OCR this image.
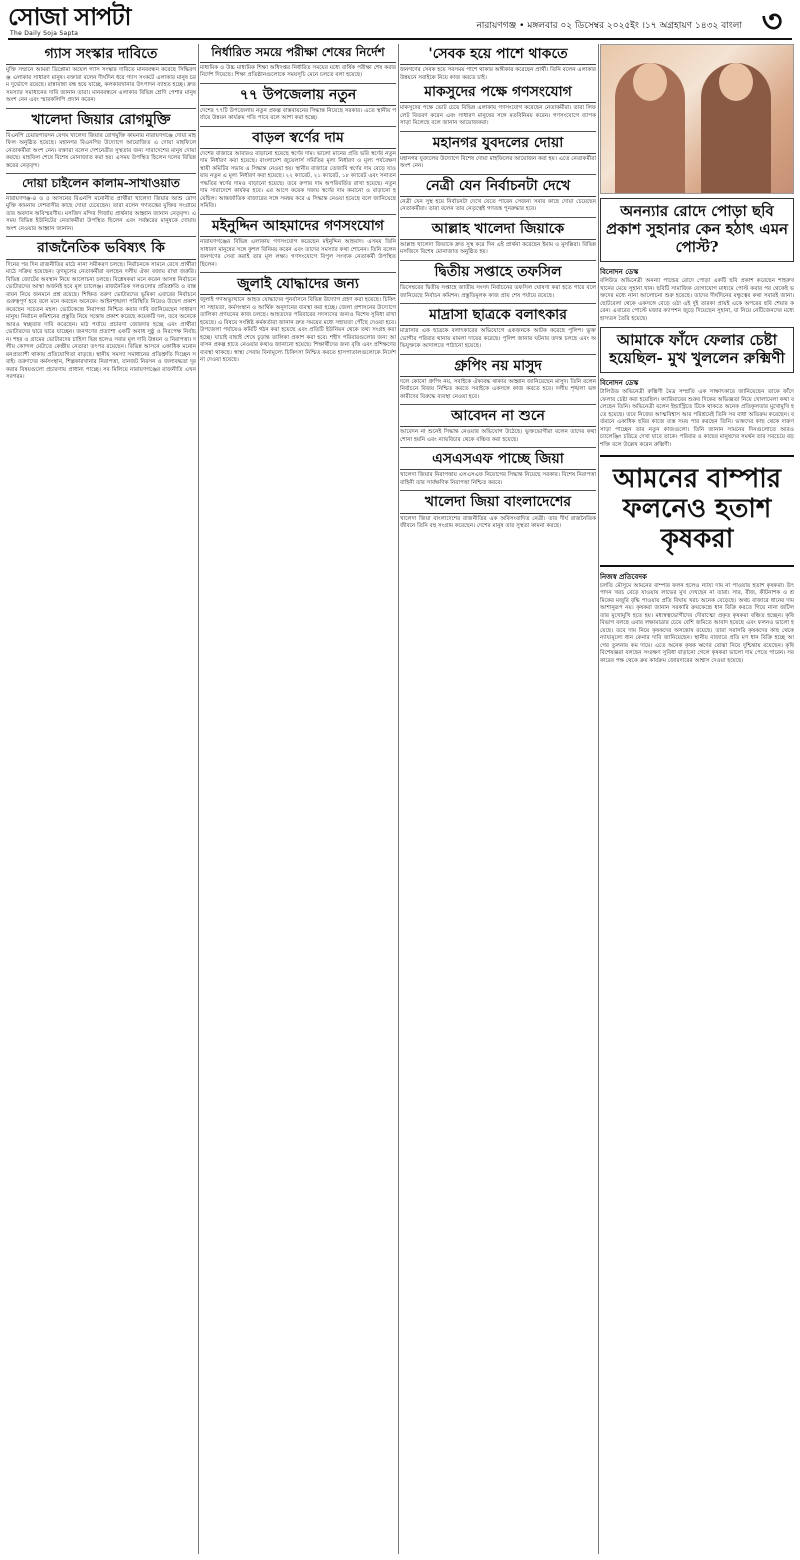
সোজা সাপটা
The Daily Soja Sapta
নারায়ণগঞ্জ • মঙ্গলবার ০২ ডিসেম্বর ২০২৫ইং ।১৭ অগ্রহায়ণ ১৪৩২ বাংলা ৩
গ্যাস সংস্কার দাবিতে

মুক্তি সম্মানে আমরা ডিপ্লোমা অয়েল গ্যাস সংস্কার দাবিতে মানববন্ধন করেছে সিদ্ধিরগঞ্জ এলাকার সাধারণ মানুষ। বক্তারা বলেন দীর্ঘদিন ধরে গ্যাস সংকটে এলাকার মানুষ চরম দুর্ভোগে রয়েছে। রান্নাবান্না বন্ধ হয়ে যাচ্ছে, কলকারখানার উৎপাদন ব্যাহত হচ্ছে। দ্রুত সমস্যার সমাধানের দাবি জানান তারা। মানববন্ধনে এলাকার বিভিন্ন শ্রেণি পেশার মানুষ অংশ নেন এবং স্মারকলিপি প্রদান করেন।

খালেদা জিয়ার রোগমুক্তি

বিএনপি চেয়ারপারসন বেগম খালেদা জিয়ার রোগমুক্তি কামনায় নারায়ণগঞ্জে দোয়া মাহফিল অনুষ্ঠিত হয়েছে। মহানগর বিএনপির উদ্যোগে আয়োজিত এ দোয়া মাহফিলে নেতাকর্মীরা অংশ নেন। বক্তারা বলেন দেশনেত্রীর সুস্থতার জন্য সারাদেশের মানুষ দোয়া করছে। মাহফিল শেষে বিশেষ মোনাজাত করা হয়। এসময় উপস্থিত ছিলেন দলের বিভিন্ন স্তরের নেতৃবৃন্দ।

দোয়া চাইলেন কালাম-সাখাওয়াত

নারায়ণগঞ্জ-৪ ও ৫ আসনের বিএনপি মনোনীত প্রার্থীরা খালেদা জিয়ার আশু রোগমুক্তি কামনায় দেশবাসীর কাছে দোয়া চেয়েছেন। তারা বলেন গণতন্ত্রের মুক্তির সংগ্রামে তার অবদান অবিস্মরণীয়। মসজিদ মন্দির গির্জায় প্রার্থনার আহ্বান জানান নেতৃবৃন্দ। এসময় বিভিন্ন ইউনিটের নেতাকর্মীরা উপস্থিত ছিলেন এবং সর্বস্তরের মানুষকে দোয়ায় অংশ নেওয়ার আহ্বান জানান।

রাজনৈতিক ভবিষ্যৎ কি

দিনের পর দিন রাজনীতির মাঠে নানা সমীকরণ চলছে। নির্বাচনকে সামনে রেখে প্রার্থীরা মাঠে সক্রিয় হয়েছেন। তৃণমূলের নেতাকর্মীরা বলছেন দলীয় ঐক্য বজায় রাখা জরুরি। বিভিন্ন জোটের অবস্থান নিয়ে আলোচনা চলছে। বিশ্লেষকরা মনে করেন আসন্ন নির্বাচনে ভোটারদের আস্থা অর্জনই হবে মূল চ্যালেঞ্জ। রাজনৈতিক দলগুলোর প্রতিশ্রুতি ও বাস্তবায়ন নিয়ে জনমনে প্রশ্ন রয়েছে। শিক্ষিত তরুণ ভোটারদের ভূমিকা এবারের নির্বাচনে গুরুত্বপূর্ণ হবে বলে মনে করছেন অনেকে। আইনশৃঙ্খলা পরিস্থিতি নিয়েও উদ্বেগ প্রকাশ করেছেন সচেতন মহল। ভোটকেন্দ্রে নিরাপত্তা নিশ্চিত করার দাবি জানিয়েছেন সাধারণ মানুষ। নির্বাচন কমিশনের প্রস্তুতি নিয়ে সন্তোষ প্রকাশ করেছে কয়েকটি দল, তবে অনেকে আরও স্বচ্ছতার দাবি করেছেন। মাঠ পর্যায়ে প্রচারণা জোরদার হচ্ছে এবং প্রার্থীরা ভোটারদের দ্বারে দ্বারে যাচ্ছেন। জনগণের প্রত্যাশা একটি অবাধ সুষ্ঠু ও নিরপেক্ষ নির্বাচন। শহর ও গ্রামের ভোটারদের চাহিদা ভিন্ন হলেও সবার মূল দাবি উন্নয়ন ও নিরাপত্তা। দলীয় কোন্দল মেটাতে কেন্দ্রীয় নেতারা তৎপর রয়েছেন। বিভিন্ন আসনে একাধিক মনোনয়নপ্রত্যাশী থাকায় প্রতিযোগিতা বাড়ছে। স্থানীয় সমস্যা সমাধানের প্রতিশ্রুতি দিচ্ছেন সবাই। তরুণদের কর্মসংস্থান, শিল্পকারখানার নিরাপত্তা, যানজট নিরসন ও জলাবদ্ধতা দূর করার বিষয়গুলো প্রচারণায় প্রাধান্য পাচ্ছে। সব মিলিয়ে নারায়ণগঞ্জের রাজনীতি এখন সরগরম।

নির্ধারিত সময়ে পরীক্ষা শেষের নির্দেশ

মাধ্যমিক ও উচ্চ মাধ্যমিক শিক্ষা অধিদপ্তর নির্ধারিত সময়ের মধ্যে বার্ষিক পরীক্ষা শেষ করার নির্দেশ দিয়েছে। শিক্ষা প্রতিষ্ঠানগুলোকে সময়সূচি মেনে চলতে বলা হয়েছে।

৭৭ উপজেলায় নতুন

দেশের ৭৭টি উপজেলায় নতুন প্রকল্প বাস্তবায়নের সিদ্ধান্ত নিয়েছে সরকার। এতে স্থানীয় পর্যায়ে উন্নয়ন কার্যক্রম গতি পাবে বলে আশা করা হচ্ছে।

বাড়ল স্বর্ণের দাম

দেশের বাজারে আবারও বাড়ানো হয়েছে স্বর্ণের দাম। ভালো মানের প্রতি ভরি স্বর্ণের নতুন দাম নির্ধারণ করা হয়েছে। বাংলাদেশ জুয়েলার্স সমিতির মূল্য নির্ধারণ ও মূল্য পর্যবেক্ষণ স্থায়ী কমিটির সভায় এ সিদ্ধান্ত নেওয়া হয়। স্থানীয় বাজারে তেজাবি স্বর্ণের দাম বেড়ে যাওয়ায় নতুন এ মূল্য নির্ধারণ করা হয়েছে। ২২ ক্যারেট, ২১ ক্যারেট, ১৮ ক্যারেট এবং সনাতন পদ্ধতির স্বর্ণের দামও বাড়ানো হয়েছে। তবে রুপার দাম অপরিবর্তিত রাখা হয়েছে। নতুন দাম সারাদেশে কার্যকর হবে। এর আগে কয়েক দফায় স্বর্ণের দাম কমানো ও বাড়ানো হয়েছিল। আন্তর্জাতিক বাজারের সঙ্গে সমন্বয় করে এ সিদ্ধান্ত নেওয়া হয়েছে বলে জানিয়েছে সমিতি।

মইনুদ্দিন আহমাদের গণসংযোগ

নারায়ণগঞ্জের বিভিন্ন এলাকায় গণসংযোগ করেছেন মইনুদ্দিন আহমাদ। এসময় তিনি সাধারণ মানুষের সঙ্গে কুশল বিনিময় করেন এবং তাদের সমস্যার কথা শোনেন। তিনি বলেন জনগণের সেবা করাই তার মূল লক্ষ্য। গণসংযোগে বিপুল সংখ্যক নেতাকর্মী উপস্থিত ছিলেন।

জুলাই যোদ্ধাদের জন্য

জুলাই গণঅভ্যুত্থানে আহত যোদ্ধাদের পুনর্বাসনে বিভিন্ন উদ্যোগ গ্রহণ করা হয়েছে। চিকিৎসা সহায়তা, কর্মসংস্থান ও আর্থিক অনুদানের ব্যবস্থা করা হচ্ছে। জেলা প্রশাসনের উদ্যোগে তালিকা প্রণয়নের কাজ চলছে। আহতদের পরিবারের সদস্যদের জন্যও বিশেষ সুবিধা রাখা হয়েছে। এ বিষয়ে সংশ্লিষ্ট কর্মকর্তারা জানান দ্রুত সময়ের মধ্যে সহায়তা পৌঁছে দেওয়া হবে। উপজেলা পর্যায়েও কমিটি গঠন করা হয়েছে এবং প্রতিটি ইউনিয়ন থেকে তথ্য সংগ্রহ করা হচ্ছে। যাচাই বাছাই শেষে চূড়ান্ত তালিকা প্রকাশ করা হবে। শহীদ পরিবারগুলোর জন্য আবাসন প্রকল্প হাতে নেওয়ার কথাও জানানো হয়েছে। শিক্ষার্থীদের জন্য বৃত্তি এবং প্রশিক্ষণের ব্যবস্থা থাকছে। স্বাস্থ্য সেবায় বিনামূল্যে চিকিৎসা নিশ্চিত করতে হাসপাতালগুলোকে নির্দেশনা দেওয়া হয়েছে।

'সেবক হয়ে পাশে থাকতে

জনগণের সেবক হয়ে সবসময় পাশে থাকার অঙ্গীকার করেছেন প্রার্থী। তিনি বলেন এলাকার উন্নয়নে সবাইকে নিয়ে কাজ করতে চাই।

মাকসুদের পক্ষে গণসংযোগ

মাকসুদের পক্ষে ভোট চেয়ে বিভিন্ন এলাকায় গণসংযোগ করেছেন নেতাকর্মীরা। তারা লিফলেট বিতরণ করেন এবং সাধারণ মানুষের সঙ্গে মতবিনিময় করেন। গণসংযোগে ব্যাপক সাড়া মিলেছে বলে জানান আয়োজকরা।

মহানগর যুবদলের দোয়া

মহানগর যুবদলের উদ্যোগে বিশেষ দোয়া মাহফিলের আয়োজন করা হয়। এতে নেতাকর্মীরা অংশ নেন।

নেত্রী যেন নির্বাচনটা দেখে

নেত্রী যেন সুস্থ হয়ে নির্বাচনটা দেখে যেতে পারেন সেজন্য সবার কাছে দোয়া চেয়েছেন নেতাকর্মীরা। তারা বলেন তার নেতৃত্বেই গণতন্ত্র পুনরুদ্ধার হবে।

আল্লাহ খালেদা জিয়াকে

আল্লাহ খালেদা জিয়াকে দ্রুত সুস্থ করে দিন এই প্রার্থনা করেছেন ইমাম ও মুসল্লিরা। বিভিন্ন মসজিদে বিশেষ মোনাজাত অনুষ্ঠিত হয়।

দ্বিতীয় সপ্তাহে তফসিল

ডিসেম্বরের দ্বিতীয় সপ্তাহে জাতীয় সংসদ নির্বাচনের তফসিল ঘোষণা করা হতে পারে বলে জানিয়েছে নির্বাচন কমিশন। প্রস্তুতিমূলক কাজ প্রায় শেষ পর্যায়ে রয়েছে।

মাদ্রাসা ছাত্রকে বলাৎকার

মাদ্রাসার এক ছাত্রকে বলাৎকারের অভিযোগে একজনকে আটক করেছে পুলিশ। ভুক্তভোগীর পরিবার থানায় মামলা দায়ের করেছে। পুলিশ জানায় ঘটনার তদন্ত চলছে এবং অভিযুক্তকে আদালতে পাঠানো হয়েছে।

গ্রুপিং নয় মাসুদ

দলে কোনো গ্রুপিং নয়, সবাইকে ঐক্যবদ্ধ থাকার আহ্বান জানিয়েছেন মাসুদ। তিনি বলেন নির্বাচনে বিজয় নিশ্চিত করতে সবাইকে একসঙ্গে কাজ করতে হবে। দলীয় শৃঙ্খলা ভঙ্গকারীদের বিরুদ্ধে ব্যবস্থা নেওয়া হবে।

আবেদন না শুনে

আবেদন না শুনেই সিদ্ধান্ত নেওয়ার অভিযোগ উঠেছে। ভুক্তভোগীরা বলেন তাদের কথা শোনা হয়নি এবং ন্যায়বিচার থেকে বঞ্চিত করা হয়েছে।

এসএসএফ পাচ্ছে জিয়া

খালেদা জিয়ার নিরাপত্তায় এসএসএফ নিয়োগের সিদ্ধান্ত নিয়েছে সরকার। বিশেষ নিরাপত্তা বাহিনী তার সার্বক্ষণিক নিরাপত্তা নিশ্চিত করবে।

খালেদা জিয়া বাংলাদেশের

খালেদা জিয়া বাংলাদেশের রাজনীতির এক অবিসংবাদিত নেত্রী। তার দীর্ঘ রাজনৈতিক জীবনে তিনি বহু সংগ্রাম করেছেন। দেশের মানুষ তার সুস্থতা কামনা করছে।

অনন্যার রোদে পোড়া ছবি প্রকাশ সুহানার কেন হঠাৎ এমন পোস্ট?
বিনোদন ডেস্ক

বলিউড অভিনেত্রী অনন্যা পান্ডের রোদে পোড়া একটি ছবি প্রকাশ করেছেন শাহরুখ খানের মেয়ে সুহানা খান। ছবিটি সামাজিক যোগাযোগ মাধ্যমে পোস্ট করার পর থেকেই ভক্তদের মধ্যে নানা আলোচনা শুরু হয়েছে। তাদের দীর্ঘদিনের বন্ধুত্বের কথা সবারই জানা। ছোটবেলা থেকে একসঙ্গে বেড়ে ওঠা এই দুই তারকা প্রায়ই একে অপরের ছবি শেয়ার করেন। এবারের পোস্টে মজার ক্যাপশন জুড়ে দিয়েছেন সুহানা, যা নিয়ে নেটিজেনদের মধ্যে হাস্যরস তৈরি হয়েছে।

আমাকে ফাঁদে ফেলার চেষ্টা হয়েছিল- মুখ খুললেন রুক্মিণী
বিনোদন ডেস্ক

টালিউড অভিনেত্রী রুক্মিণী মৈত্র সম্প্রতি এক সাক্ষাৎকারে জানিয়েছেন তাকে ফাঁদে ফেলার চেষ্টা করা হয়েছিল। ক্যারিয়ারের শুরুর দিকের অভিজ্ঞতা নিয়ে খোলামেলা কথা বলেছেন তিনি। অভিনেত্রী বলেন ইন্ডাস্ট্রিতে টিকে থাকতে অনেক প্রতিকূলতার মুখোমুখি হতে হয়েছে। তবে নিজের আত্মবিশ্বাস আর পরিশ্রমেই তিনি সব বাধা অতিক্রম করেছেন। বর্তমানে একাধিক ছবির কাজে ব্যস্ত সময় পার করছেন তিনি। ভক্তদের কাছ থেকে দারুণ সাড়া পাচ্ছেন তার নতুন কাজগুলো। তিনি জানান সামনের দিনগুলোতে আরও চ্যালেঞ্জিং চরিত্রে দেখা যাবে তাকে। পরিবার ও কাছের মানুষদের সমর্থন তার সবচেয়ে বড় শক্তি বলে উল্লেখ করেন রুক্মিণী।

আমনের বাম্পার ফলনেও হতাশ কৃষকরা
নিজস্ব প্রতিবেদক

চলতি মৌসুমে আমনের বাম্পার ফলন হলেও ন্যায্য দাম না পাওয়ায় হতাশ কৃষকরা। উৎপাদন খরচ বেড়ে যাওয়ায় লাভের মুখ দেখছেন না তারা। সার, বীজ, কীটনাশক ও শ্রমিকের মজুরি বৃদ্ধি পাওয়ায় প্রতি বিঘায় খরচ অনেক বেড়েছে। অথচ বাজারে ধানের দাম আশানুরূপ নয়। কৃষকরা জানান সরকারি ক্রয়কেন্দ্রে ধান বিক্রি করতে গিয়ে নানা জটিলতার মুখোমুখি হতে হয়। মধ্যস্বত্বভোগীদের দৌরাত্ম্যে প্রকৃত কৃষকরা বঞ্চিত হচ্ছেন। কৃষি বিভাগ বলছে এবার লক্ষ্যমাত্রার চেয়ে বেশি জমিতে আবাদ হয়েছে এবং ফলনও ভালো হয়েছে। তবে দাম নিয়ে কৃষকদের অসন্তোষ রয়েছে। তারা সরাসরি কৃষকদের কাছ থেকে ন্যায্যমূল্যে ধান কেনার দাবি জানিয়েছেন। স্থানীয় বাজারে প্রতি মণ ধান বিক্রি হচ্ছে আগের তুলনায় কম দামে। এতে অনেক কৃষক ঋণের বোঝা নিয়ে দুশ্চিন্তায় রয়েছেন। কৃষি বিশেষজ্ঞরা বলছেন সংরক্ষণ সুবিধা বাড়ানো গেলে কৃষকরা ভালো দাম পেতে পারেন। সরকারের পক্ষ থেকে ক্রয় কার্যক্রম জোরদারের আশ্বাস দেওয়া হয়েছে।
